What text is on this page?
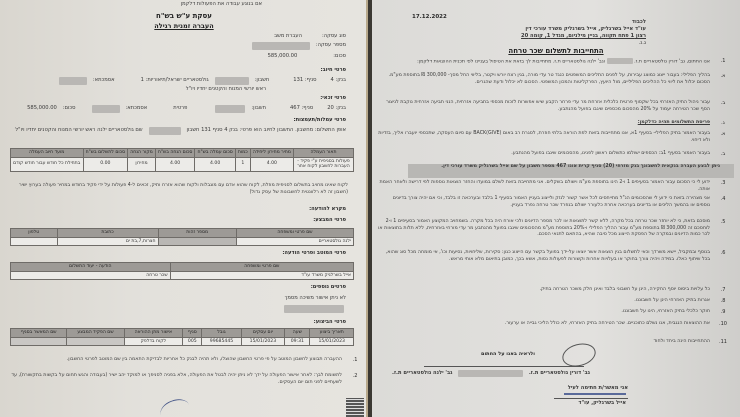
אם בנוגע עבודה את הפעולות דלקמן
עסקת ע"ש בש"ח
העברה זמנית רגילה
סוג עסקה:
העברת משב
מספר עסקה:
סכום:
585,000.00
פרטי חיוב:
בנק: 4
סניף: 131
חשבון:
גולסטאריים ישראל/תיאוריות: 1
אסמכתא:
ראש יורשי המנוח והקטנים יחדיו ויו"ל
פרטי זכאי:
בנק: 20
סניף: 467
חשבון:
פרטית
אסמכתא:
סכום:
585,000.00
פרטי עמלות/תעמצות:
אופן התשלום: מחשבון. החשבון לחיוב הוא פרטי: בנק 4 סניף 131 חשבון
שם גולסטאריים ילנה ראש יורשי המנוח והקטנים יחדיו ויו"ל
תאור העמלה	מחיר מחירון ליחידה	כמות	סכום עמלה בש"ח	סכום הנחה בש"ח	מקור הנחה	סכום לתשלום בש"ח	מועד חיוב העמלה
פעולות בסניפית ע"י פקיד - העברות לחשבון לקוח אחר	4.00	1	4.00	4.00	מחירון	0.00	בתחילת כל חודש עבור חודש קודם
לקוח שאינו מחויב בתשלום לסניפית מוזלת, לקוח שהוא אדם עם מוגבלות ולקוח שהוא אזרח ותיק, זכאים ל-4 פעולות על ידי פקיד בחודש במחיר פעולה בערוץ ישיר (חשבון זה לא רלוונטית לחשבונות של עסק גדול)
מקרא להודעה:
פרטי המבצע:
שם פרטי ומשפחה	מספר זהות	כתובת	טלפון
ילנה גולסטאריים		חצרות,7,בת ים	
פרטי המוטב ופרטי הודעה:
שם פרטי ומשפחה	הודעה - יעוד התשלום
אייל בשרלגיק משרד עו"ד	שכר טרחה
פרטים נוספים:
לא ניתן אישור משיכה מסמך
פרטי הביצוע:
תאריך ביצוע	שעה	יום עסקים	גובל	סניף	אישור מתן ההוראה	שם הפקיד המבצע	שם המאשר בסניף
15/01/2023	09:31	15/01/2023	99685445	005	לקוח בדלפק		
1.
ההעברה תבוצע לחשבון המוטב על פי פרטי החשבון שהוצלו, ולא תהיה לבנק כל אחריות לבדיקת התאמה בין שם המוטב לפרטי החשבון.
2.
לתשומת לבך: לאחר אישור הפעולה על ידך לא ניתן יהיה לבטל את הפעולה, אלא בפניה לסניפך או למוקד יהב ישיר (בעבודה והגש תחום על בקשות בתקשורת), עד לשעתיים לפני תום יום העסקים.
17.12.2022
לכבוד
עו"ד אייל בשרגליק, אייל בשרגליק משרד עורכי דין
רצון 1 פתח תקווה, בניין מילניום, מגדל 1, קומה 20
ג.נ.
התחייבות לתשלום שכר טרחה
1.
אנו החתום, גב' דורין גולסטאריים ת.ז.  וגב' ילנה גולסטאריים ת.ז. מתחייבות לך בזאת את הטיפול בעניינו לפי תכנית ההוצאות דלקמן:
א.
בהליך הפלילי: בעבור ייצוג כמוצג עבירות, על לפנים התליכים המשפטים כנגד טר עדי מורה, בגין רצח יורש ויקטר, בליווי החל מסך- 300,000 ₪ בתוספת מע"מ. הסכום יכלול את ליווי כל ההליכים הפליליים, מול היועץ, הפרקליטות והמכון המשפטי. הסכום לא יכלול ודעת שהגרים.
ב.
עבור ניהול התיק האזרחי בכל שקסוף פרטית כלכלית אזרחת מר עדי פרחר הקבע שיש אפשרות לזכות מכספי בתביעה אזרחית, הנני תביעה אזרחית נוקבת לניצור הסף שכר הטירחה יעמוד על 20% מהסכום מכספים שיגבו בפועל מהנתבע.
ג.
פריסת התשלומים תהיה כדלקמן:
א.
בעבור האמור בתיק הפלילי- בסעיף 1א, אנו מתחייבות בזאת לפת הוראה בלתי חוזרת, לסגרת רב באום BACK(GIVE) עם סיום העסקה, שתכספי יועברו אליך, בזדיות ולא דיחוי.
ב.
בעבור האמור בסעיף 1ב: הכספים ישולמו כתשלום ראשון לפנינו, מהסכומים שיגבו בפועל מהנתבע.
ניתן לבצע העברה בנקאית לחשבונך בנק מזרחי (20) סניף קרית אונו 467 מספר חשבון על שם אייל בשרגליק משרד עורכי דין.
3.
ידוע לי כי הסכום עבור האמור בסעיפים 1 ו-2 הינו בתוספת מע"מ וישולם בשקלים. אני מתחייבת בזאת לשלם במועדו והחזר הוצאות נוספות לפי דרישה ולאחר האמת אותה.
4.
אני מצהירה בזאת כי ידוע לי שהסכומים הנ"ל מתייחסים לכל אשר קשור לנזק ולייצוג בעניין האמור בסעיף 1 בלבד ובערכאה זו בלבד, וכי אם יהיה צורך בדיונים נוספים או בהמשך הליכים או בדיונים בערכאה אחרת כלעורר ישולם בנפרד שכר טרחה נפרד בעניין.
5.
מוסכם בזאת, כי לא יוחזר שכר טרחה בכל מקרה, ללא קשר לתוצאות או לכר מספר הדיונים ולכי אורח היה בכל מקרה. בשמחויב המקוצע האמור בסעיפים 1 ו-2 לוחסכם זה 300,000 ₪ בתוספת מע"מ עבור ההליך הפלילי ו-20% בתוספת מע"מ מהסכומים שיגבו בפועל מהנתבע מר עדי מורחי באזרחית, ללא תלות בתוצאות או לכר כמות הדיונים ובמקרה של הפסקת הייצוג מכל סיבה שהיא, בהתאם לתנאי הסכם.
6.
בנוסף ובמקביל, יישא משרדך וכאי לתשלום בגין הוצאות אשר יוצאו על-ידך בפועל בקשר עם הייצוג כגון: סקירות, שליחויות, נסיעות וכו', אי מומחה מכל סוג שהוא, בכל שיתוף כאלו. במידה ויהיה צורך בחוקר או בעלויות אחרות וקשורות לפעולות נסות, אשא בכך, כמובן בתיאום מלא אותי מראש.
7.
כל עלויות ביסוס יוסף החקירה, הינן על חשבוני בלבד ואינן חלק משכר הטרחה בתיק.
8.
אגרות בתיק האזרחי הינן על חשבוננו.
9.
חוקר כלכלי בתיק האזרחי, הינו על חשבוננו.
10.
את ההוצאות הנגבית, אנו נשלם כתוכניים. שכר הטירחה בתיק האזרחי, לא כולל הליכי גבייה או ערעור.
11.
ההתחייבות הינה ביחד ולחוד
ולראיה באנו על החתום
גב' דורין גולסטאריים ת.ז.
גב' ילנה גולסטאריים ת.ז.
אני מאשר/ת חתימה לעיל
אייל בשרגליק, עו"ד
